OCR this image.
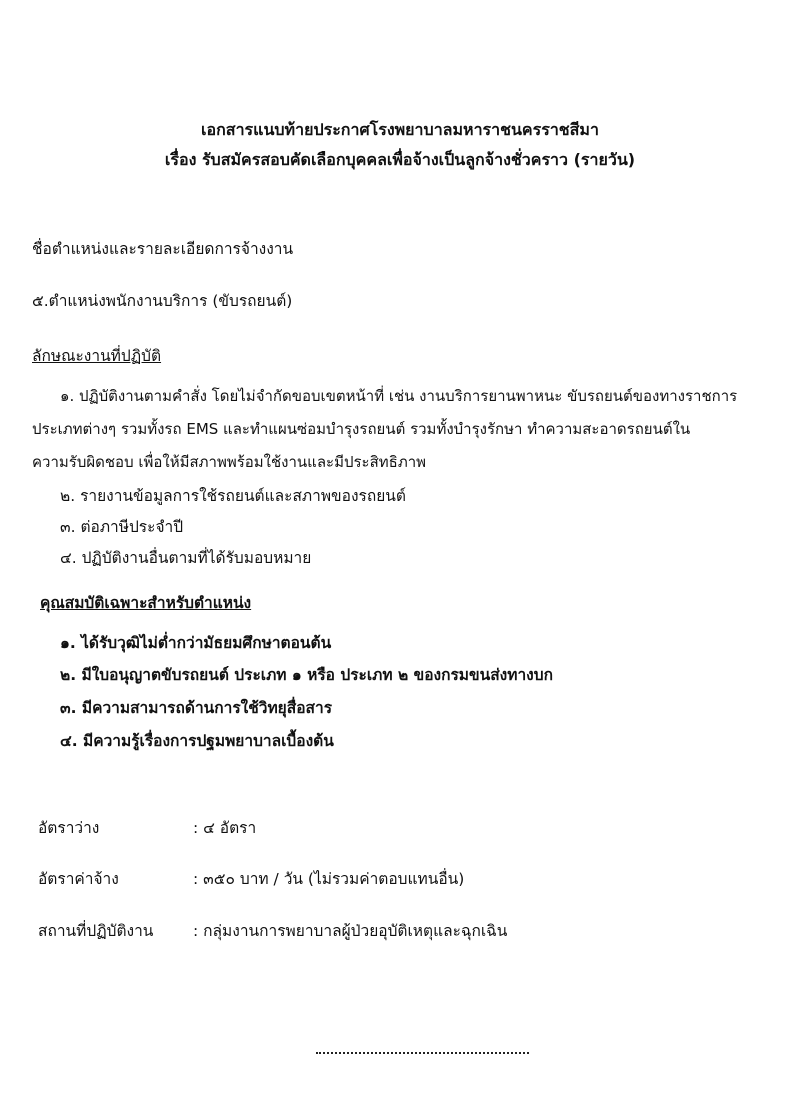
เอกสารแนบท้ายประกาศโรงพยาบาลมหาราชนครราชสีมา
เรื่อง รับสมัครสอบคัดเลือกบุคคลเพื่อจ้างเป็นลูกจ้างชั่วคราว (รายวัน)
ชื่อตำแหน่งและรายละเอียดการจ้างงาน
๕.ตำแหน่งพนักงานบริการ (ขับรถยนต์)
ลักษณะงานที่ปฏิบัติ
๑. ปฏิบัติงานตามคำสั่ง โดยไม่จำกัดขอบเขตหน้าที่ เช่น งานบริการยานพาหนะ ขับรถยนต์ของทางราชการ
ประเภทต่างๆ รวมทั้งรถ EMS และทำแผนซ่อมบำรุงรถยนต์ รวมทั้งบำรุงรักษา ทำความสะอาดรถยนต์ใน
ความรับผิดชอบ เพื่อให้มีสภาพพร้อมใช้งานและมีประสิทธิภาพ
๒. รายงานข้อมูลการใช้รถยนต์และสภาพของรถยนต์
๓. ต่อภาษีประจำปี
๔. ปฏิบัติงานอื่นตามที่ได้รับมอบหมาย
คุณสมบัติเฉพาะสำหรับตำแหน่ง
๑. ได้รับวุฒิไม่ต่ำกว่ามัธยมศึกษาตอนต้น
๒. มีใบอนุญาตขับรถยนต์ ประเภท ๑ หรือ ประเภท ๒ ของกรมขนส่งทางบก
๓. มีความสามารถด้านการใช้วิทยุสื่อสาร
๔. มีความรู้เรื่องการปฐมพยาบาลเบื้องต้น
อัตราว่าง	: ๔ อัตรา
อัตราค่าจ้าง	: ๓๕๐ บาท / วัน (ไม่รวมค่าตอบแทนอื่น)
สถานที่ปฏิบัติงาน	: กลุ่มงานการพยาบาลผู้ป่วยอุบัติเหตุและฉุกเฉิน
